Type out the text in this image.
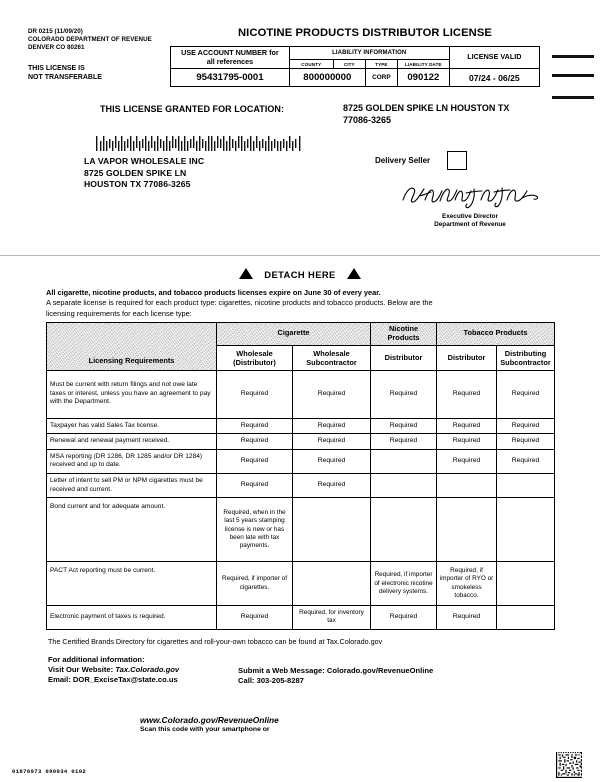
DR 0215 (11/09/20)
COLORADO DEPARTMENT OF REVENUE
DENVER CO 80261
THIS LICENSE IS
NOT TRANSFERABLE
NICOTINE PRODUCTS DISTRIBUTOR LICENSE
USE ACCOUNT NUMBER for
all references	LIABILITY INFORMATION				LICENSE VALID
	COUNTY	CITY	TYPE	LIABILITY DATE	
95431795-0001	800000000		CORP	090122	07/24 - 06/25
THIS LICENSE GRANTED FOR LOCATION:	8725 GOLDEN SPIKE LN HOUSTON TX
77086-3265
LA VAPOR WHOLESALE INC
8725 GOLDEN SPIKE LN
HOUSTON TX 77086-3265
Delivery Seller
Executive Director
Department of Revenue
DETACH HERE
All cigarette, nicotine products, and tobacco products licenses expire on June 30 of every year.
A separate license is required for each product type: cigarettes, nicotine products and tobacco products. Below are the
licensing requirements for each license type:
Licensing Requirements	Cigarette		Nicotine Products	Tobacco Products	
	Wholesale (Distributor)	Wholesale Subcontractor	Distributor	Distributor	Distributing Subcontractor
Must be current with return filings and not owe late taxes or interest, unless you have an agreement to pay with the Department.	Required	Required	Required	Required	Required
Taxpayer has valid Sales Tax license.	Required	Required	Required	Required	Required
Renewal and renewal payment received.	Required	Required	Required	Required	Required
MSA reporting (DR 1286, DR 1285 and/or DR 1284) received and up to date.	Required	Required		Required	Required
Letter of intent to sell PM or NPM cigarettes must be received and current.	Required	Required			
Bond current and for adequate amount.	Required, when in the last 5 years stamping license is new or has been late with tax payments.				
PACT Act reporting must be current.	Required, if importer of cigarettes.		Required, if importer of electronic nicotine delivery systems.	Required, if importer of RYO or smokeless tobacco.	
Electronic payment of taxes is required.	Required	Required, for inventory tax	Required	Required	
The Certified Brands Directory for cigarettes and roll-your-own tobacco can be found at Tax.Colorado.gov
For additional information:
Visit Our Website: Tax.Colorado.gov
Email: DOR_ExciseTax@state.co.us
Submit a Web Message: Colorado.gov/RevenueOnline
Call: 303-205-8287
www.Colorado.gov/RevenueOnline
Scan this code with your smartphone or
01876973 090034 0102
